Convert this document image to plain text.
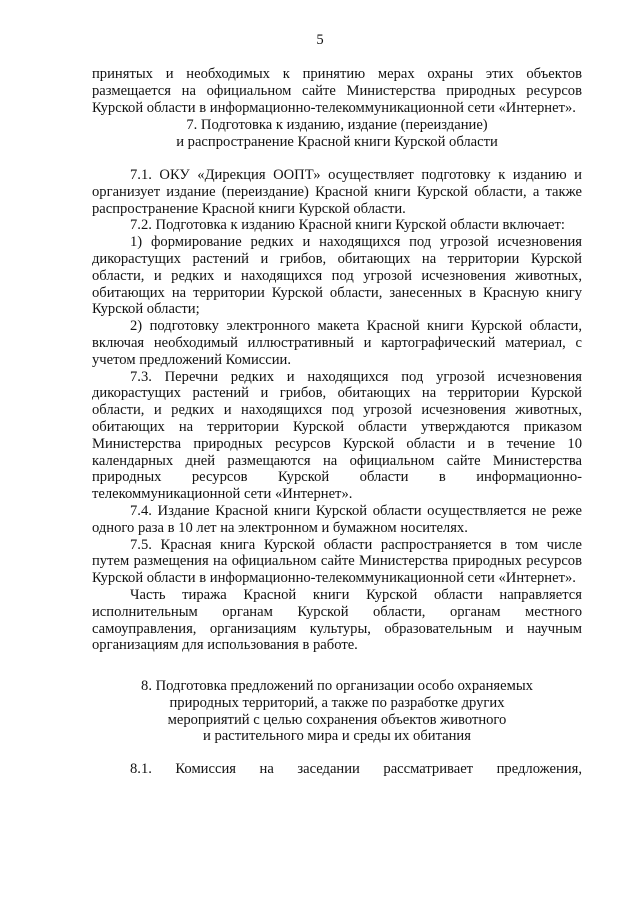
5

принятых и необходимых к принятию мерах охраны этих объектов размещается на официальном сайте Министерства природных ресурсов Курской области в информационно-телекоммуникационной сети «Интернет».

7. Подготовка к изданию, издание (переиздание)
и распространение Красной книги Курской области

7.1. ОКУ «Дирекция ООПТ» осуществляет подготовку к изданию и организует издание (переиздание) Красной книги Курской области, а также распространение Красной книги Курской области.

7.2. Подготовка к изданию Красной книги Курской области включает:

1) формирование редких и находящихся под угрозой исчезновения дикорастущих растений и грибов, обитающих на территории Курской области, и редких и находящихся под угрозой исчезновения животных, обитающих на территории Курской области, занесенных в Красную книгу Курской области;

2) подготовку электронного макета Красной книги Курской области, включая необходимый иллюстративный и картографический материал, с учетом предложений Комиссии.

7.3. Перечни редких и находящихся под угрозой исчезновения дикорастущих растений и грибов, обитающих на территории Курской области, и редких и находящихся под угрозой исчезновения животных, обитающих на территории Курской области утверждаются приказом Министерства природных ресурсов Курской области и в течение 10 календарных дней размещаются на официальном сайте Министерства природных ресурсов Курской области в информационно-телекоммуникационной сети «Интернет».

7.4. Издание Красной книги Курской области осуществляется не реже одного раза в 10 лет на электронном и бумажном носителях.

7.5. Красная книга Курской области распространяется в том числе путем размещения на официальном сайте Министерства природных ресурсов Курской области в информационно-телекоммуникационной сети «Интернет».

Часть тиража Красной книги Курской области направляется исполнительным органам Курской области, органам местного самоуправления, организациям культуры, образовательным и научным организациям для использования в работе.

8. Подготовка предложений по организации особо охраняемых
природных территорий, а также по разработке других
мероприятий с целью сохранения объектов животного
и растительного мира и среды их обитания
8.1. Комиссия на заседании рассматривает предложения,
